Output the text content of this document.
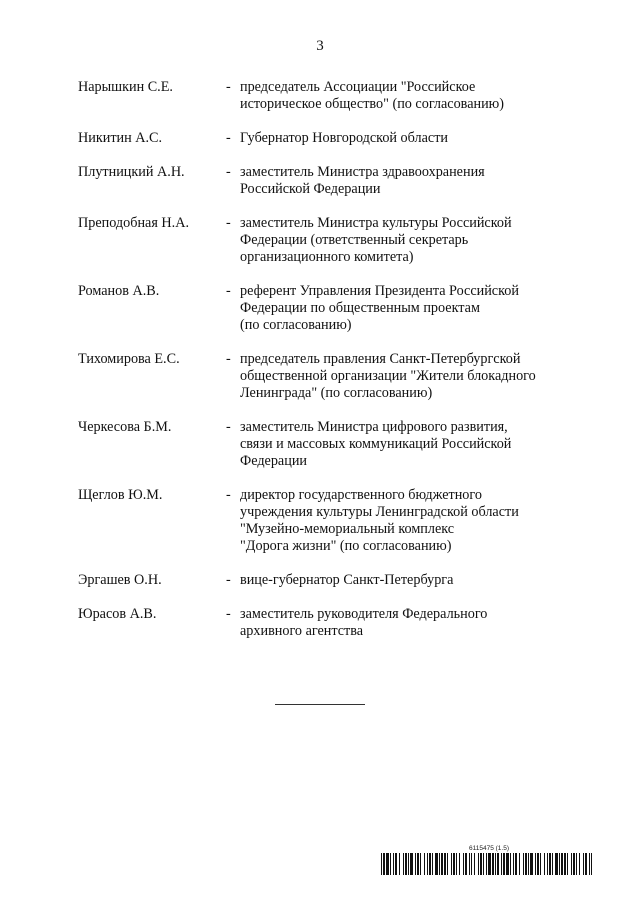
3
Нарышкин С.Е.	- председатель Ассоциации "Российское
историческое общество" (по согласованию)
Никитин А.С.	- Губернатор Новгородской области
Плутницкий А.Н.	- заместитель Министра здравоохранения
Российской Федерации
Преподобная Н.А.	- заместитель Министра культуры Российской
Федерации (ответственный секретарь
организационного комитета)
Романов А.В.	- референт Управления Президента Российской
Федерации по общественным проектам
(по согласованию)
Тихомирова Е.С.	- председатель правления Санкт-Петербургской
общественной организации "Жители блокадного
Ленинграда" (по согласованию)
Черкесова Б.М.	- заместитель Министра цифрового развития,
связи и массовых коммуникаций Российской
Федерации
Щеглов Ю.М.	- директор государственного бюджетного
учреждения культуры Ленинградской области
"Музейно-мемориальный комплекс
"Дорога жизни" (по согласованию)
Эргашев О.Н.	- вице-губернатор Санкт-Петербурга
Юрасов А.В.	- заместитель руководителя Федерального
архивного агентства
6115475 (1.5)
